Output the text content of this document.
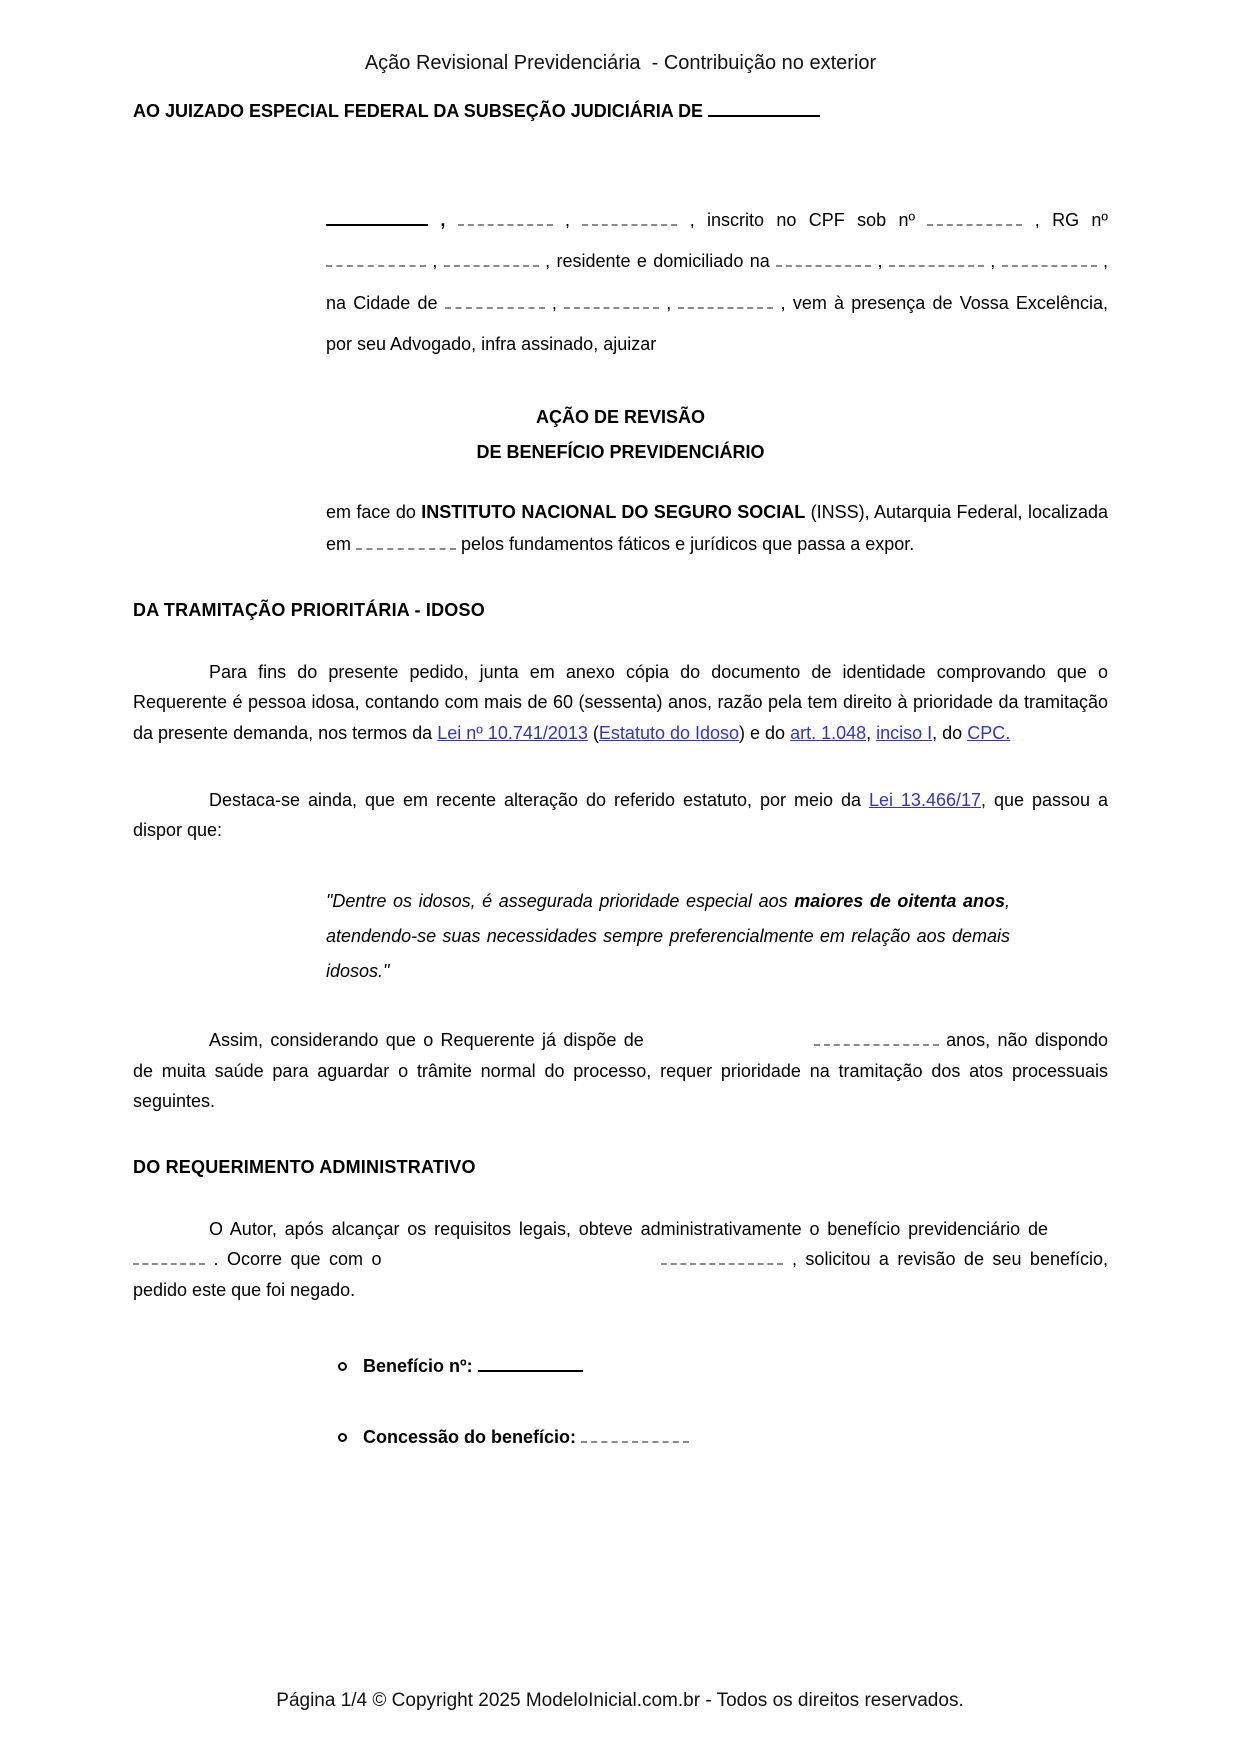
Ação Revisional Previdenciária  - Contribuição no exterior
AO JUIZADO ESPECIAL FEDERAL DA SUBSEÇÃO JUDICIÁRIA DE
,	,	, inscrito no CPF sob nº	, RG nº  ,	, residente e domiciliado na	,	,	, na Cidade de	,	,	, vem à presença de Vossa Excelência, por seu Advogado, infra assinado, ajuizar
AÇÃO DE REVISÃO
DE BENEFÍCIO PREVIDENCIÁRIO
em face do INSTITUTO NACIONAL DO SEGURO SOCIAL (INSS), Autarquia Federal, localizada em	pelos fundamentos fáticos e jurídicos que passa a expor.
DA TRAMITAÇÃO PRIORITÁRIA - IDOSO
Para fins do presente pedido, junta em anexo cópia do documento de identidade comprovando que o Requerente é pessoa idosa, contando com mais de 60 (sessenta) anos, razão pela tem direito à prioridade da tramitação da presente demanda, nos termos da Lei nº 10.741/2013 (Estatuto do Idoso) e do art. 1.048, inciso I, do CPC.
Destaca-se ainda, que em recente alteração do referido estatuto, por meio da Lei 13.466/17, que passou a dispor que:
"Dentre os idosos, é assegurada prioridade especial aos maiores de oitenta anos, atendendo-se suas necessidades sempre preferencialmente em relação aos demais idosos."
Assim, considerando que o Requerente já dispõe de	anos, não dispondo de muita saúde para aguardar o trâmite normal do processo, requer prioridade na tramitação dos atos processuais seguintes.
DO REQUERIMENTO ADMINISTRATIVO
O Autor, após alcançar os requisitos legais, obteve administrativamente o benefício previdenciário de . Ocorre que com o	, solicitou a revisão de seu benefício, pedido este que foi negado.
Benefício nº:
Concessão do benefício:
Página 1/4 © Copyright 2025 ModeloInicial.com.br - Todos os direitos reservados.
